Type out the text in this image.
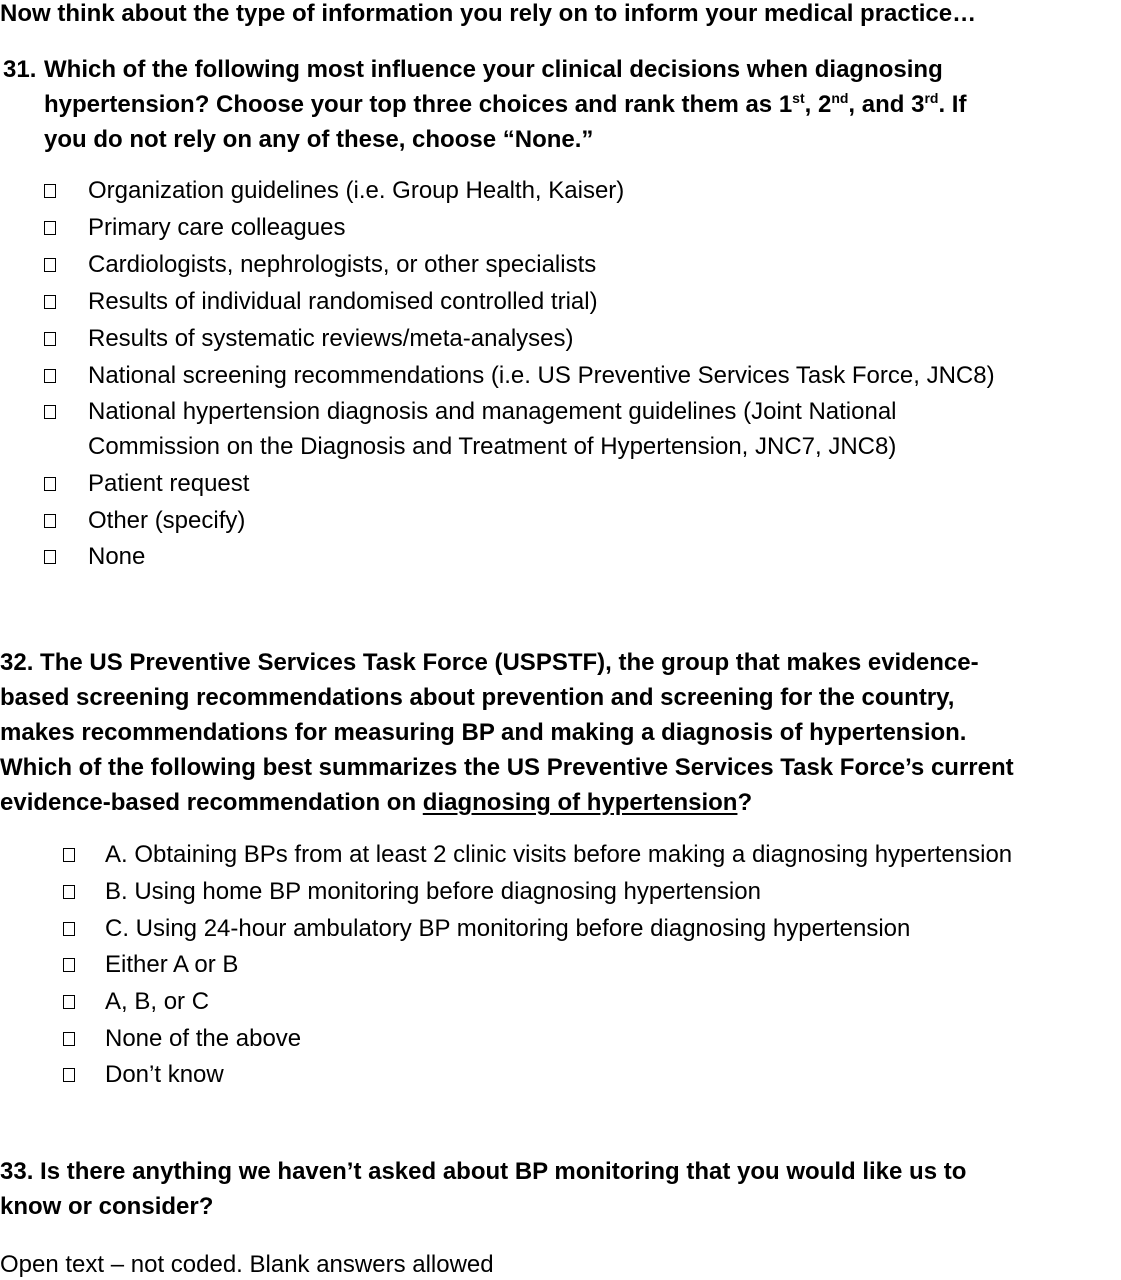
Now think about the type of information you rely on to inform your medical practice…
31. Which of the following most influence your clinical decisions when diagnosing
hypertension? Choose your top three choices and rank them as 1st, 2nd, and 3rd. If
you do not rely on any of these, choose “None.”
Organization guidelines (i.e. Group Health, Kaiser)
Primary care colleagues
Cardiologists, nephrologists, or other specialists
Results of individual randomised controlled trial)
Results of systematic reviews/meta-analyses)
National screening recommendations (i.e. US Preventive Services Task Force, JNC8)
National hypertension diagnosis and management guidelines (Joint National
Commission on the Diagnosis and Treatment of Hypertension, JNC7, JNC8)
Patient request
Other (specify)
None
32. The US Preventive Services Task Force (USPSTF), the group that makes evidence-
based screening recommendations about prevention and screening for the country,
makes recommendations for measuring BP and making a diagnosis of hypertension.
Which of the following best summarizes the US Preventive Services Task Force’s current
evidence-based recommendation on diagnosing of hypertension?
A. Obtaining BPs from at least 2 clinic visits before making a diagnosing hypertension
B. Using home BP monitoring before diagnosing hypertension
C. Using 24-hour ambulatory BP monitoring before diagnosing hypertension
Either A or B
A, B, or C
None of the above
Don’t know
33. Is there anything we haven’t asked about BP monitoring that you would like us to
know or consider?
Open text – not coded. Blank answers allowed
